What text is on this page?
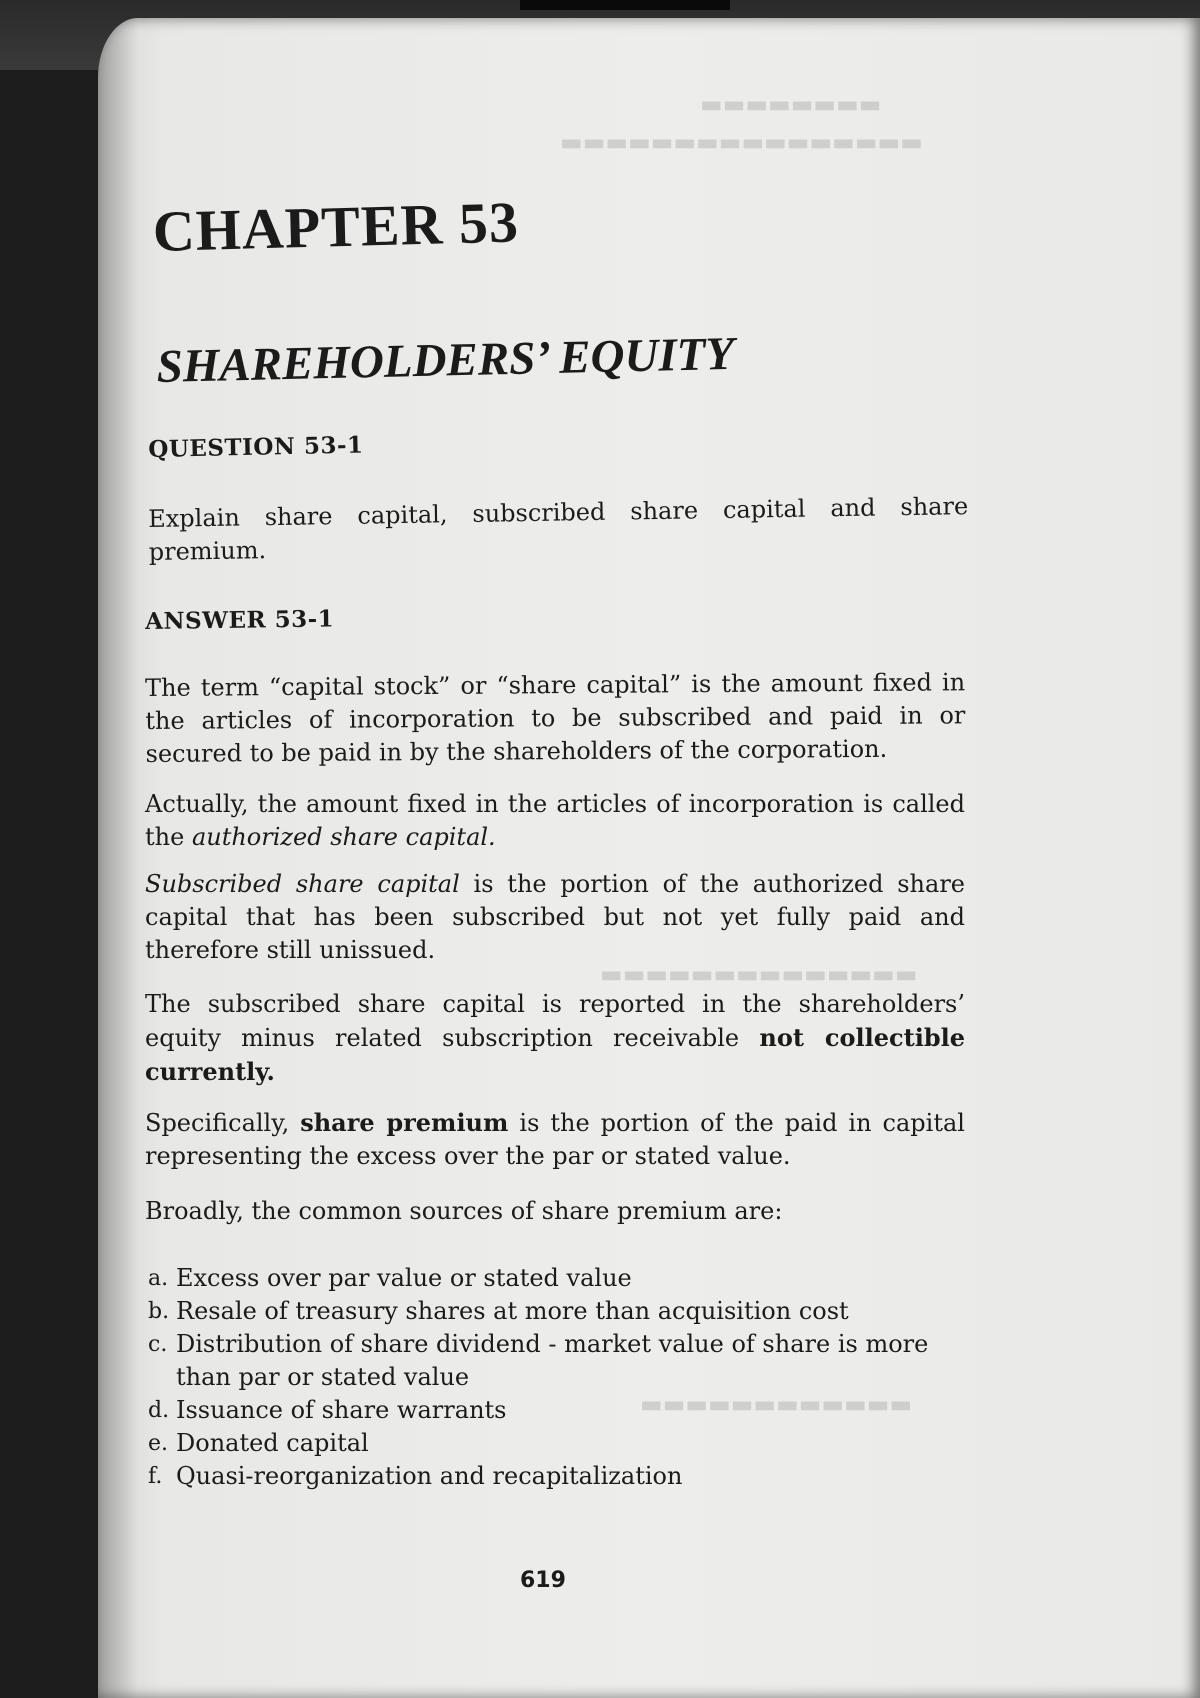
▬▬▬▬▬▬▬▬
▬▬▬▬▬▬▬▬▬▬▬▬▬▬▬▬
▬▬▬▬▬▬▬▬▬▬▬▬▬▬
▬▬▬▬▬▬▬▬▬▬▬▬
CHAPTER 53
SHAREHOLDERS’ EQUITY
QUESTION 53-1

Explain share capital, subscribed share capital and share premium.

ANSWER 53-1

The term “capital stock” or “share capital” is the amount fixed in the articles of incorporation to be subscribed and paid in or secured to be paid in by the shareholders of the corporation.

Actually, the amount fixed in the articles of incorporation is called the authorized share capital.

Subscribed share capital is the portion of the authorized share capital that has been subscribed but not yet fully paid and therefore still unissued.

The subscribed share capital is reported in the shareholders’ equity minus related subscription receivable not collectible currently.

Specifically, share premium is the portion of the paid in capital representing the excess over the par or stated value.

Broadly, the common sources of share premium are:

a. Excess over par value or stated value
b. Resale of treasury shares at more than acquisition cost
c. Distribution of share dividend - market value of share is more than par or stated value
d. Issuance of share warrants
e. Donated capital
f. Quasi-reorganization and recapitalization
619
